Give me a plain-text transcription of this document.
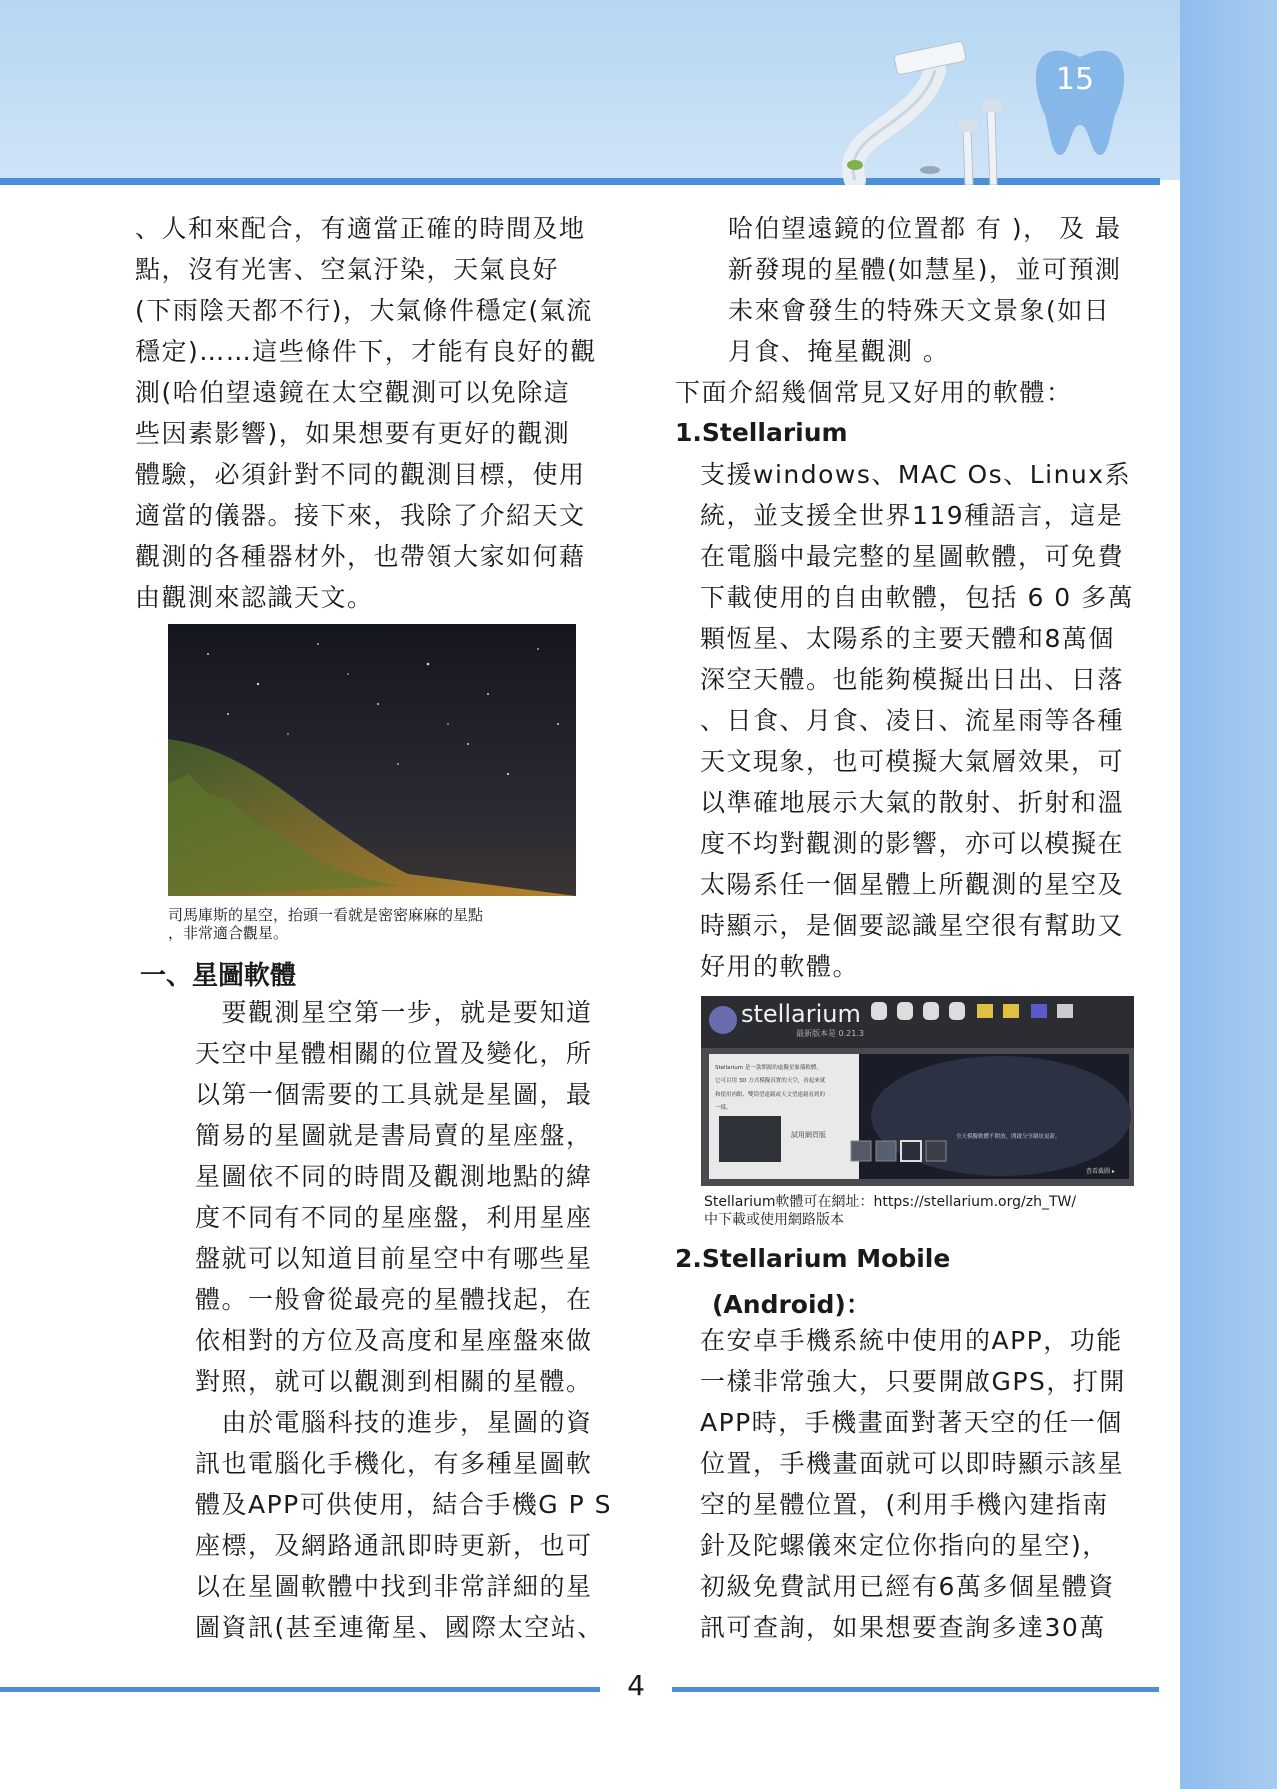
15

、人和來配合，有適當正確的時間及地

點，沒有光害、空氣汙染，天氣良好

(下雨陰天都不行)，大氣條件穩定(氣流

穩定)……這些條件下，才能有良好的觀

測(哈伯望遠鏡在太空觀測可以免除這

些因素影響)，如果想要有更好的觀測

體驗，必須針對不同的觀測目標，使用

適當的儀器。接下來，我除了介紹天文

觀測的各種器材外，也帶領大家如何藉

由觀測來認識天文。

司馬庫斯的星空，抬頭一看就是密密麻麻的星點

，非常適合觀星。

一、星圖軟體

　要觀測星空第一步，就是要知道

天空中星體相關的位置及變化，所

以第一個需要的工具就是星圖，最

簡易的星圖就是書局賣的星座盤，

星圖依不同的時間及觀測地點的緯

度不同有不同的星座盤，利用星座

盤就可以知道目前星空中有哪些星

體。一般會從最亮的星體找起，在

依相對的方位及高度和星座盤來做

對照，就可以觀測到相關的星體。

　由於電腦科技的進步，星圖的資

訊也電腦化手機化，有多種星圖軟

體及APP可供使用，結合手機G P S

座標，及網路通訊即時更新，也可

以在星圖軟體中找到非常詳細的星

圖資訊(甚至連衛星、國際太空站、

哈伯望遠鏡的位置都 有 )， 及 最

新發現的星體(如慧星)，並可預測

未來會發生的特殊天文景象(如日

月食、掩星觀測 。

下面介紹幾個常見又好用的軟體：

1.Stellarium

支援windows、MAC Os、Linux系

統，並支援全世界119種語言，這是

在電腦中最完整的星圖軟體，可免費

下載使用的自由軟體，包括 6 0 多萬

顆恆星、太陽系的主要天體和8萬個

深空天體。也能夠模擬出日出、日落

、日食、月食、凌日、流星雨等各種

天文現象，也可模擬大氣層效果，可

以準確地展示大氣的散射、折射和溫

度不均對觀測的影響，亦可以模擬在

太陽系任一個星體上所觀測的星空及

時顯示，是個要認識星空很有幫助又

好用的軟體。

stellarium
最新版本是 0.21.3

Stellarium 是一款開源的虛擬星象儀軟體，

它可以用 3D 方式模擬真實的天空，看起來就

和使用肉眼、雙筒望遠鏡或天文望遠鏡看到的

一樣。

試用網頁版	全天模擬軟體不開放，開啟分享網址更新。
查看截圖 ▸

Stellarium軟體可在網址：https://stellarium.org/zh_TW/

中下載或使用網路版本

2.Stellarium Mobile
(Android)：

在安卓手機系統中使用的APP，功能

一樣非常強大，只要開啟GPS，打開

APP時，手機畫面對著天空的任一個

位置，手機畫面就可以即時顯示該星

空的星體位置，(利用手機內建指南

針及陀螺儀來定位你指向的星空)，

初級免費試用已經有6萬多個星體資

訊可查詢，如果想要查詢多達30萬

4
